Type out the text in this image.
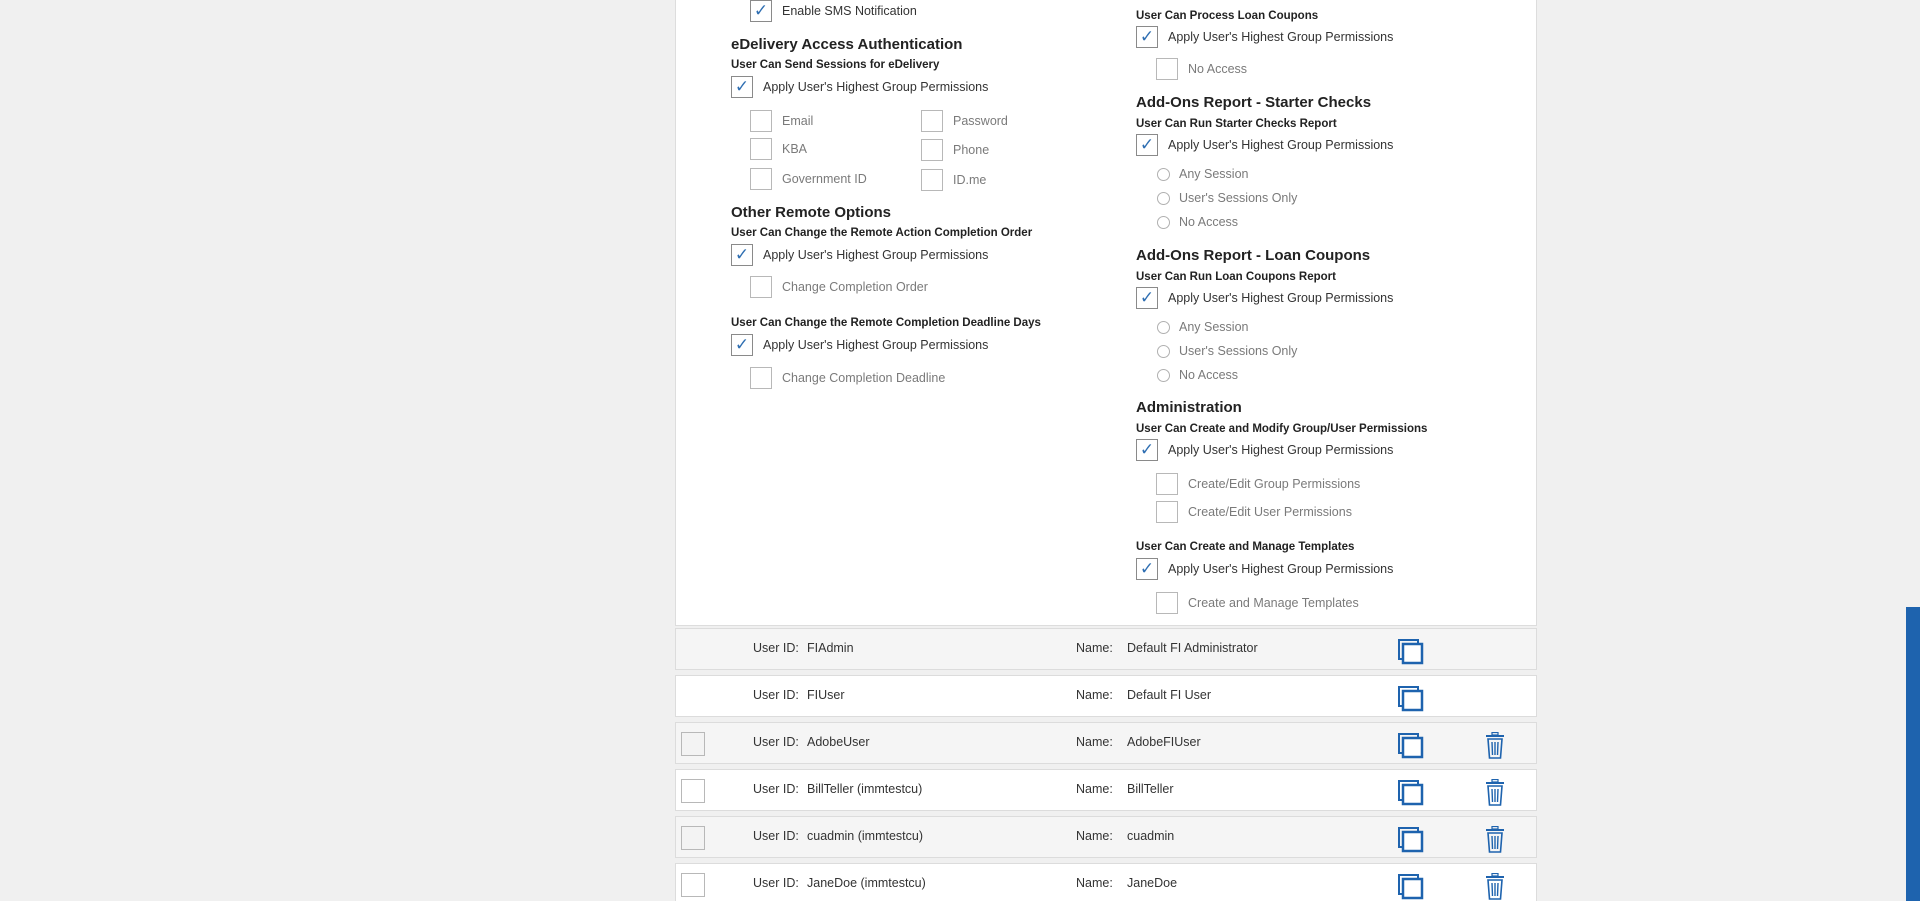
✓ Enable SMS Notification
eDelivery Access Authentication
User Can Send Sessions for eDelivery
✓ Apply User's Highest Group Permissions
Email	Password
KBA	Phone
Government ID	ID.me
Other Remote Options
User Can Change the Remote Action Completion Order
✓ Apply User's Highest Group Permissions
Change Completion Order
User Can Change the Remote Completion Deadline Days
✓ Apply User's Highest Group Permissions
Change Completion Deadline
User Can Process Loan Coupons
✓ Apply User's Highest Group Permissions
No Access
Add-Ons Report - Starter Checks
User Can Run Starter Checks Report
✓ Apply User's Highest Group Permissions
Any Session
User's Sessions Only
No Access
Add-Ons Report - Loan Coupons
User Can Run Loan Coupons Report
✓ Apply User's Highest Group Permissions
Any Session
User's Sessions Only
No Access
Administration
User Can Create and Modify Group/User Permissions
✓ Apply User's Highest Group Permissions
Create/Edit Group Permissions
Create/Edit User Permissions
User Can Create and Manage Templates
✓ Apply User's Highest Group Permissions
Create and Manage Templates
User ID: FIAdmin	Name: Default FI Administrator
User ID: FIUser	Name: Default FI User
User ID: AdobeUser	Name: AdobeFIUser
User ID: BillTeller (immtestcu)	Name: BillTeller
User ID: cuadmin (immtestcu)	Name: cuadmin
User ID: JaneDoe (immtestcu)	Name: JaneDoe
